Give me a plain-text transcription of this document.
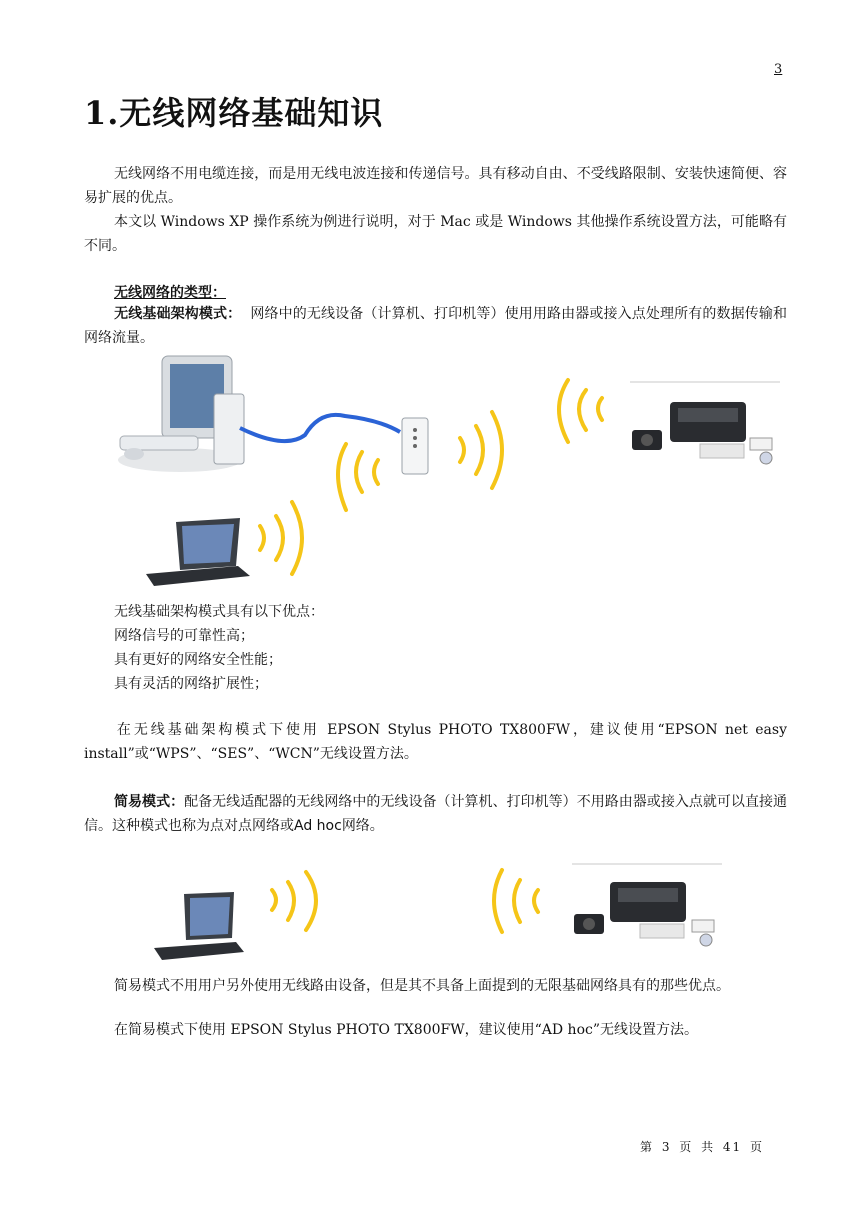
3
1.无线网络基础知识
无线网络不用电缆连接，而是用无线电波连接和传递信号。具有移动自由、不受线路限制、安装快速简便、容易扩展的优点。
本文以 Windows XP 操作系统为例进行说明，对于 Mac 或是 Windows 其他操作系统设置方法，可能略有不同。
无线网络的类型：
无线基础架构模式： 网络中的无线设备（计算机、打印机等）使用用路由器或接入点处理所有的数据传输和网络流量。
无线基础架构模式具有以下优点：
网络信号的可靠性高；
具有更好的网络安全性能；
具有灵活的网络扩展性；
在无线基础架构模式下使用 EPSON Stylus PHOTO TX800FW，建议使用“EPSON net easy install”或“WPS”、“SES”、“WCN”无线设置方法。
简易模式：配备无线适配器的无线网络中的无线设备（计算机、打印机等）不用路由器或接入点就可以直接通信。这种模式也称为点对点网络或Ad hoc网络。
简易模式不用用户另外使用无线路由设备，但是其不具备上面提到的无限基础网络具有的那些优点。
在简易模式下使用 EPSON Stylus PHOTO TX800FW，建议使用“AD hoc”无线设置方法。
第 3 页 共 41 页
